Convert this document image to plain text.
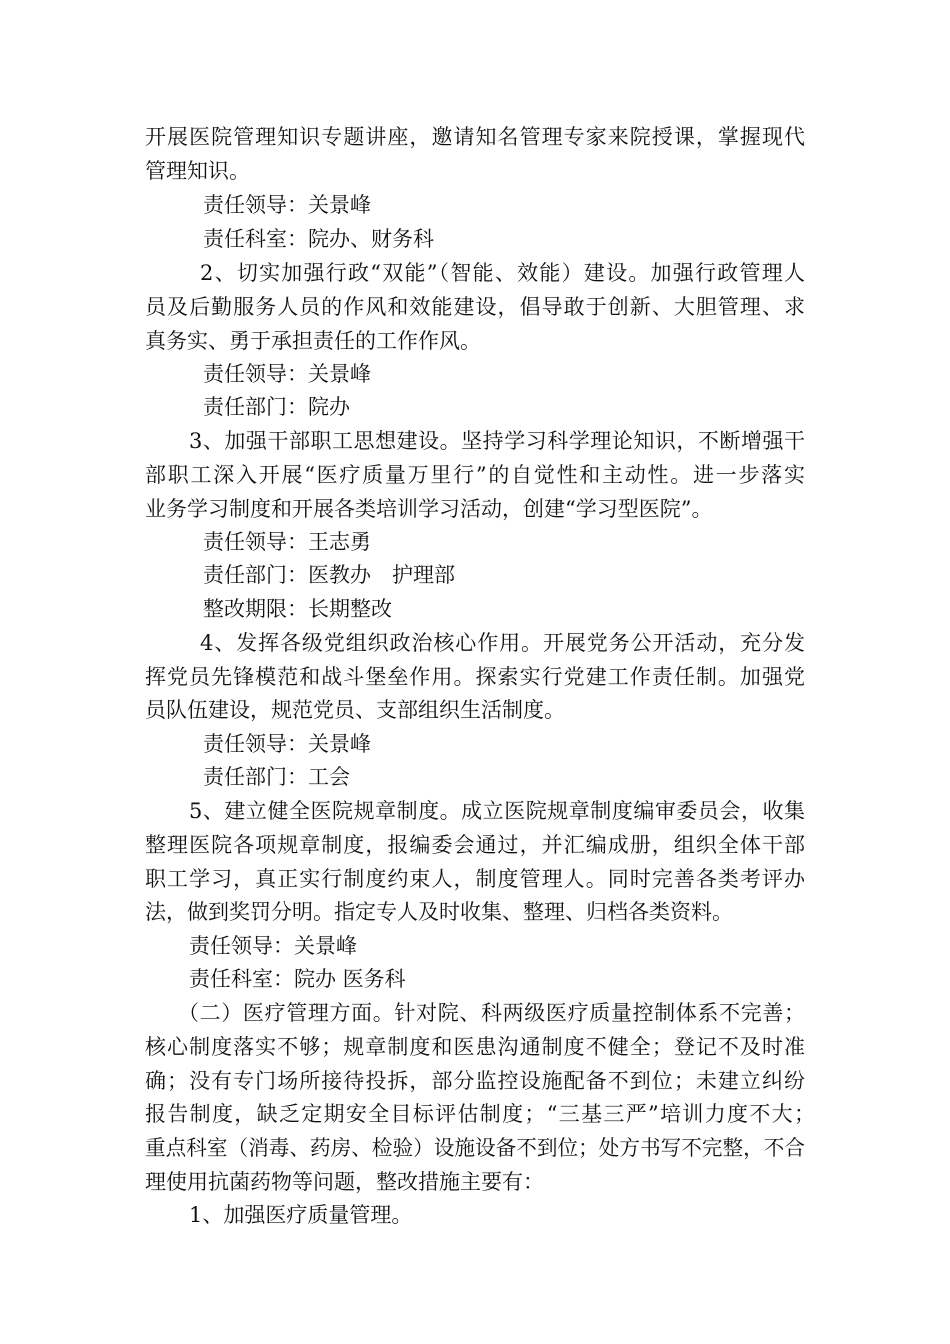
开展医院管理知识专题讲座，邀请知名管理专家来院授课，掌握现代
管理知识。
责任领导：关景峰
责任科室：院办、财务科
2、切实加强行政“双能”（智能、效能）建设。加强行政管理人
员及后勤服务人员的作风和效能建设，倡导敢于创新、大胆管理、求
真务实、勇于承担责任的工作作风。
责任领导：关景峰
责任部门：院办
3、加强干部职工思想建设。坚持学习科学理论知识，不断增强干
部职工深入开展“医疗质量万里行”的自觉性和主动性。进一步落实
业务学习制度和开展各类培训学习活动，创建“学习型医院”。
责任领导：王志勇
责任部门：医教办　护理部
整改期限：长期整改
4、发挥各级党组织政治核心作用。开展党务公开活动，充分发
挥党员先锋模范和战斗堡垒作用。探索实行党建工作责任制。加强党
员队伍建设，规范党员、支部组织生活制度。
责任领导：关景峰
责任部门：工会
5、建立健全医院规章制度。成立医院规章制度编审委员会，收集
整理医院各项规章制度，报编委会通过，并汇编成册，组织全体干部
职工学习，真正实行制度约束人，制度管理人。同时完善各类考评办
法，做到奖罚分明。指定专人及时收集、整理、归档各类资料。
责任领导：关景峰
责任科室：院办 医务科
（二）医疗管理方面。针对院、科两级医疗质量控制体系不完善；
核心制度落实不够；规章制度和医患沟通制度不健全；登记不及时准
确；没有专门场所接待投拆，部分监控设施配备不到位；未建立纠纷
报告制度，缺乏定期安全目标评估制度；“三基三严”培训力度不大；
重点科室（消毒、药房、检验）设施设备不到位；处方书写不完整，不合
理使用抗菌药物等问题，整改措施主要有：
1、加强医疗质量管理。
